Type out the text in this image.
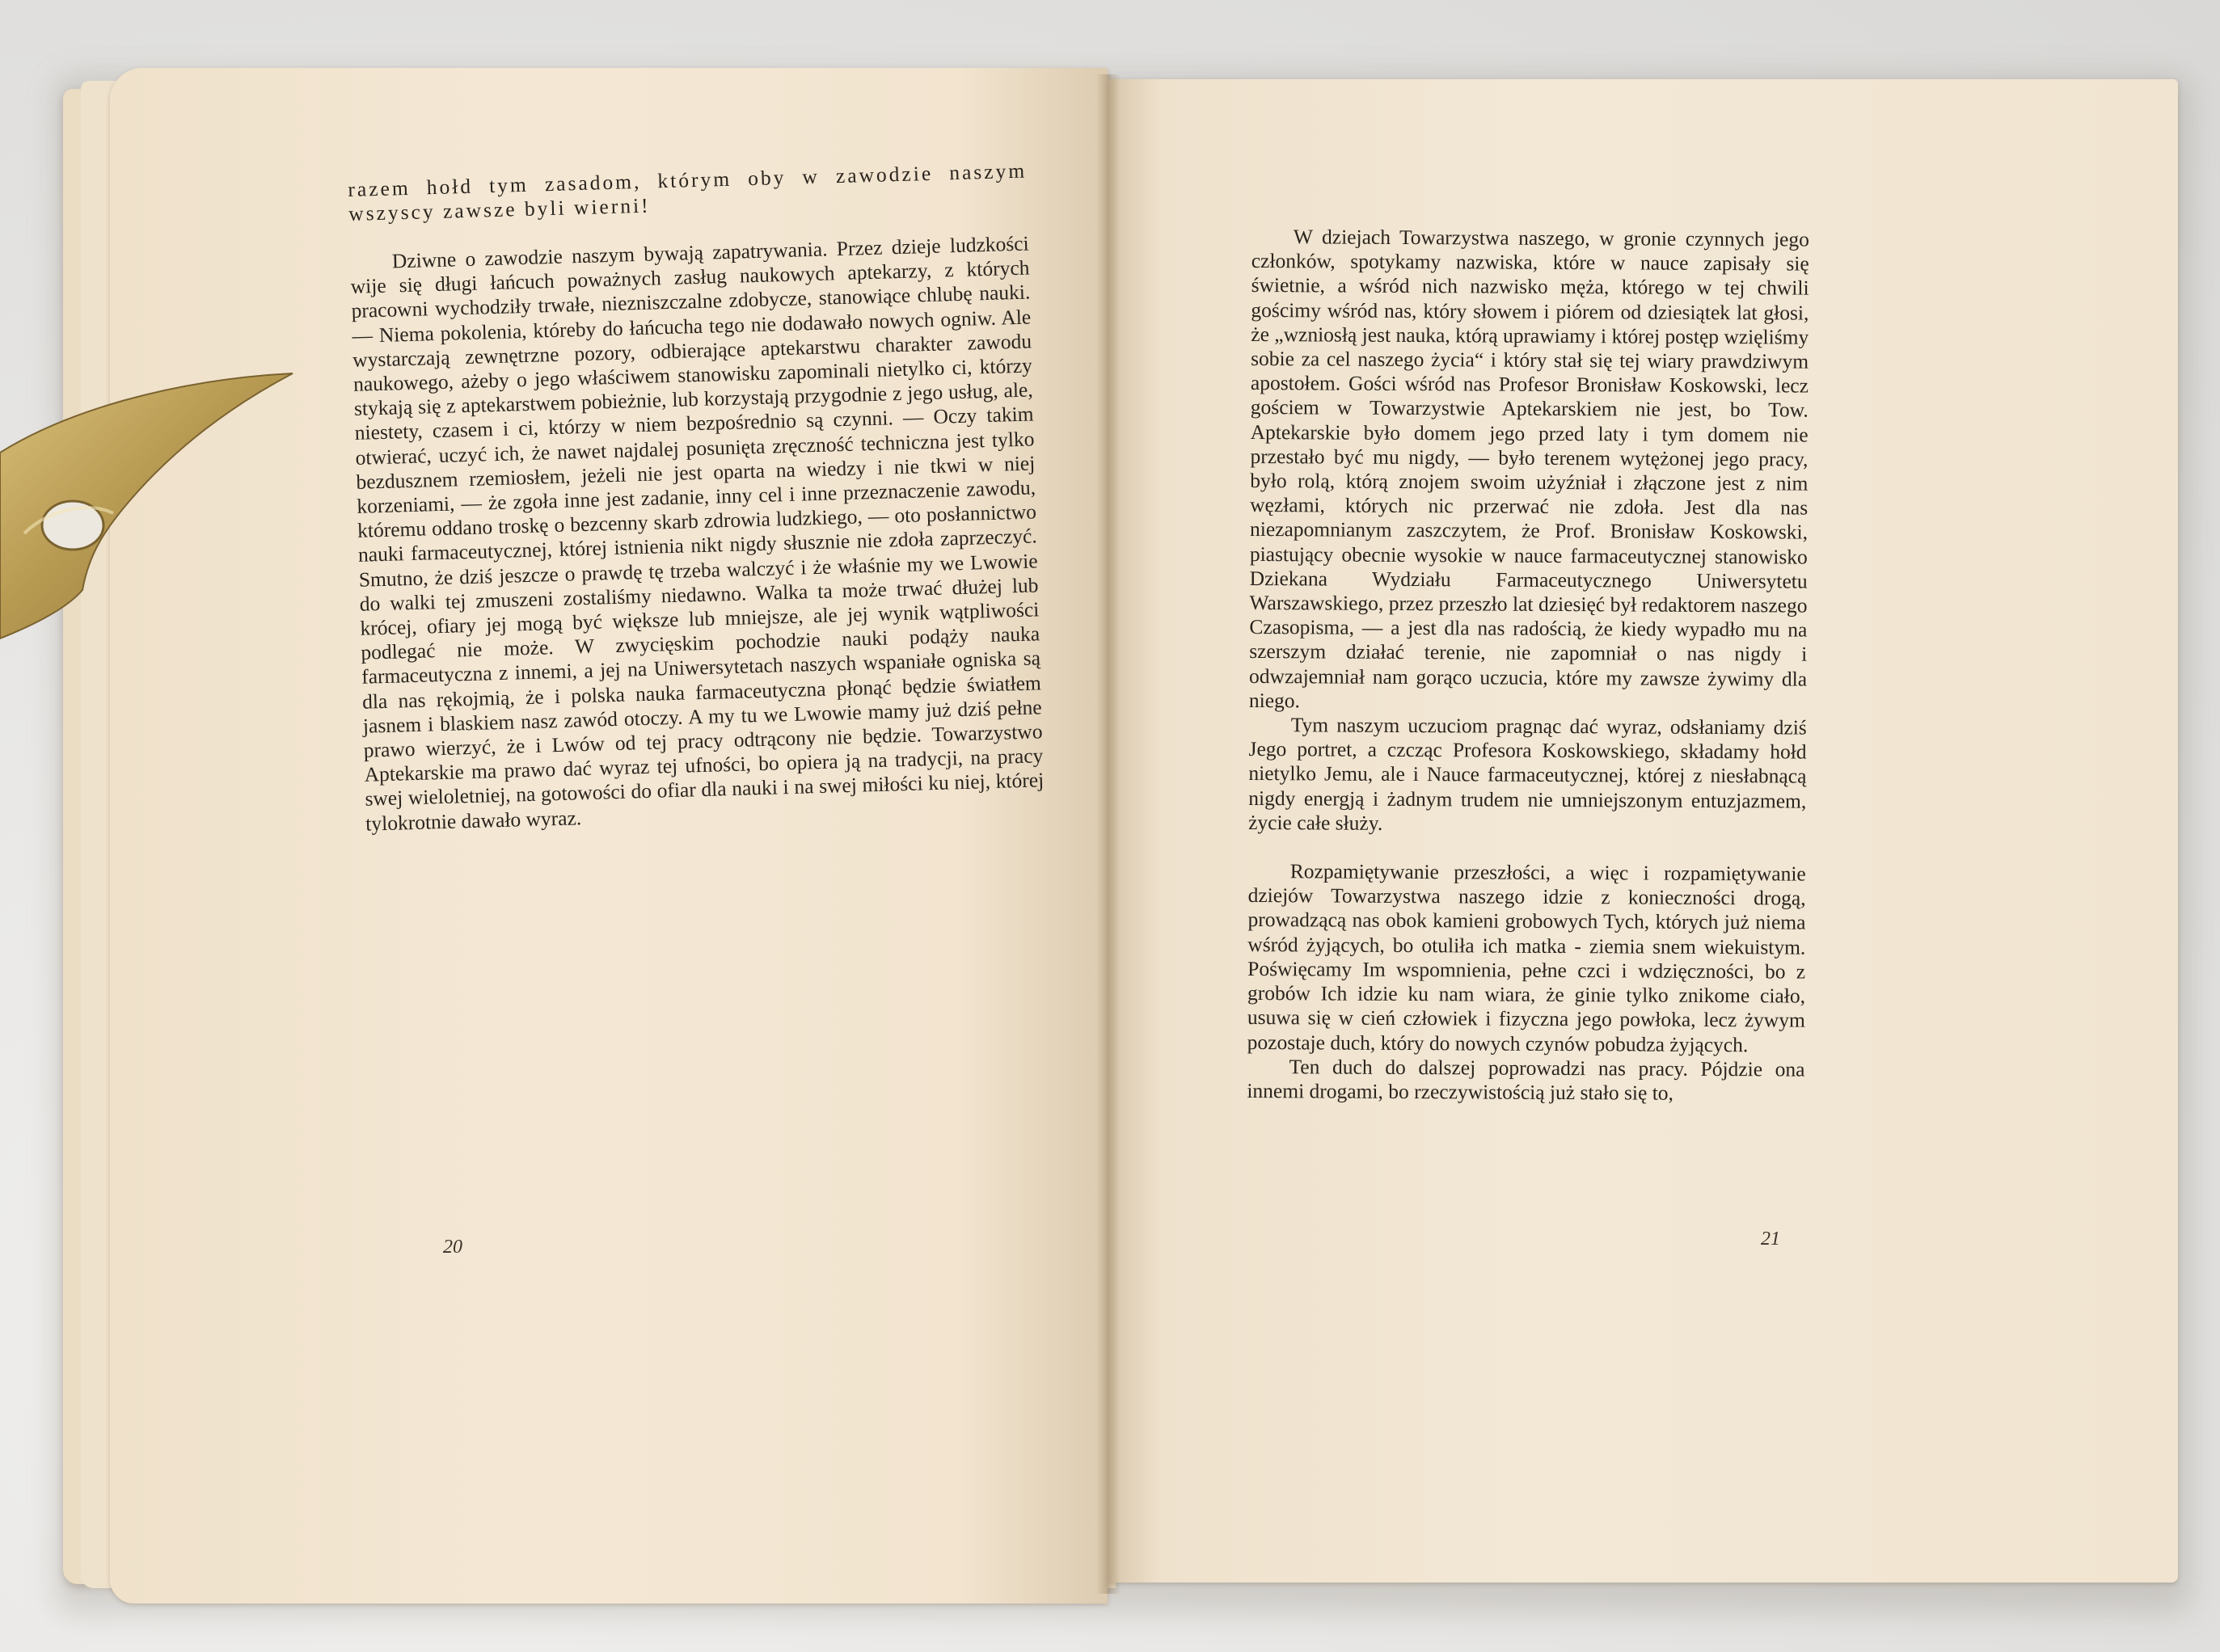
razem hołd tym zasadom, którym oby w zawodzie naszym wszyscy zawsze byli wierni!

Dziwne o zawodzie naszym bywają zapatrywania. Przez dzieje ludzkości wije się długi łańcuch poważnych zasług naukowych aptekarzy, z których pracowni wychodziły trwałe, niezniszczalne zdobycze, stanowiące chlubę nauki. — Niema pokolenia, któreby do łańcucha tego nie dodawało nowych ogniw. Ale wystarczają zewnętrzne pozory, odbierające aptekarstwu charakter zawodu naukowego, ażeby o jego właściwem stanowisku zapominali nietylko ci, którzy stykają się z aptekarstwem pobieżnie, lub korzystają przygodnie z jego usług, ale, niestety, czasem i ci, którzy w niem bezpośrednio są czynni. — Oczy takim otwierać, uczyć ich, że nawet najdalej posunięta zręczność techniczna jest tylko bezdusznem rzemiosłem, jeżeli nie jest oparta na wiedzy i nie tkwi w niej korzeniami, — że zgoła inne jest zadanie, inny cel i inne przeznaczenie zawodu, któremu oddano troskę o bezcenny skarb zdrowia ludzkiego, — oto posłannictwo nauki farmaceutycznej, której istnienia nikt nigdy słusznie nie zdoła zaprzeczyć. Smutno, że dziś jeszcze o prawdę tę trzeba walczyć i że właśnie my we Lwowie do walki tej zmuszeni zostaliśmy niedawno. Walka ta może trwać dłużej lub krócej, ofiary jej mogą być większe lub mniejsze, ale jej wynik wątpliwości podlegać nie może. W zwycięskim pochodzie nauki podąży nauka farmaceutyczna z innemi, a jej na Uniwersytetach naszych wspaniałe ogniska są dla nas rękojmią, że i polska nauka farmaceutyczna płonąć będzie światłem jasnem i blaskiem nasz zawód otoczy. A my tu we Lwowie mamy już dziś pełne prawo wierzyć, że i Lwów od tej pracy odtrącony nie będzie. Towarzystwo Aptekarskie ma prawo dać wyraz tej ufności, bo opiera ją na tradycji, na pracy swej wieloletniej, na gotowości do ofiar dla nauki i na swej miłości ku niej, której tylokrotnie dawało wyraz.

20

W dziejach Towarzystwa naszego, w gronie czynnych jego członków, spotykamy nazwiska, które w nauce zapisały się świetnie, a wśród nich nazwisko męża, którego w tej chwili gościmy wśród nas, który słowem i piórem od dziesiątek lat głosi, że „wzniosłą jest nauka, którą uprawiamy i której postęp wzięliśmy sobie za cel naszego życia“ i który stał się tej wiary prawdziwym apostołem. Gości wśród nas Profesor Bronisław Koskowski, lecz gościem w Towarzystwie Aptekarskiem nie jest, bo Tow. Aptekarskie było domem jego przed laty i tym domem nie przestało być mu nigdy, — było terenem wytężonej jego pracy, było rolą, którą znojem swoim użyźniał i złączone jest z nim węzłami, których nic przerwać nie zdoła. Jest dla nas niezapomnianym zaszczytem, że Prof. Bronisław Koskowski, piastujący obecnie wysokie w nauce farmaceutycznej stanowisko Dziekana Wydziału Farmaceutycznego Uniwersytetu Warszawskiego, przez przeszło lat dziesięć był redaktorem naszego Czasopisma, — a jest dla nas radością, że kiedy wypadło mu na szerszym działać terenie, nie zapomniał o nas nigdy i odwzajemniał nam gorąco uczucia, które my zawsze żywimy dla niego.

Tym naszym uczuciom pragnąc dać wyraz, odsłaniamy dziś Jego portret, a czcząc Profesora Koskowskiego, składamy hołd nietylko Jemu, ale i Nauce farmaceutycznej, której z niesłabnącą nigdy energją i żadnym trudem nie umniejszonym entuzjazmem, życie całe służy.

Rozpamiętywanie przeszłości, a więc i rozpamiętywanie dziejów Towarzystwa naszego idzie z konieczności drogą, prowadzącą nas obok kamieni grobowych Tych, których już niema wśród żyjących, bo otuliła ich matka - ziemia snem wiekuistym. Poświęcamy Im wspomnienia, pełne czci i wdzięczności, bo z grobów Ich idzie ku nam wiara, że ginie tylko znikome ciało, usuwa się w cień człowiek i fizyczna jego powłoka, lecz żywym pozostaje duch, który do nowych czynów pobudza żyjących.

Ten duch do dalszej poprowadzi nas pracy. Pójdzie ona innemi drogami, bo rzeczywistością już stało się to,

21
